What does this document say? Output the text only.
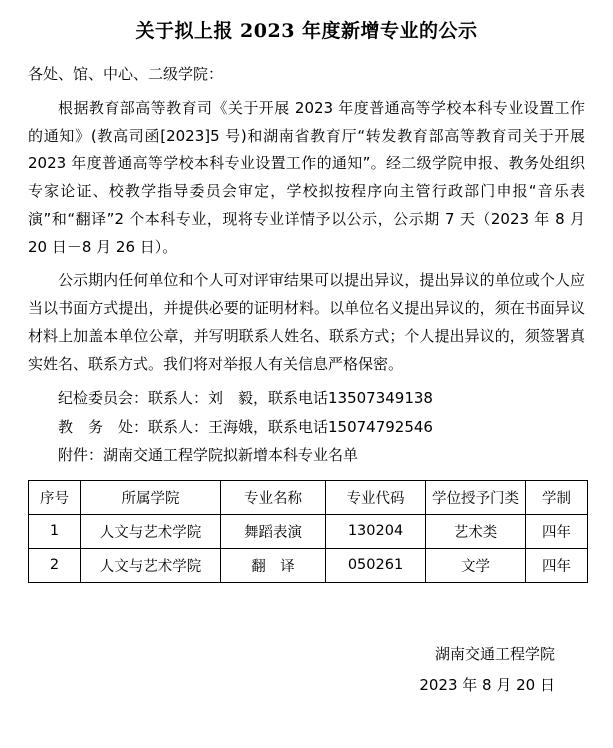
关于拟上报 2023 年度新增专业的公示
各处、馆、中心、二级学院：

根据教育部高等教育司《关于开展 2023 年度普通高等学校本科专业设置工作的通知》(教高司函[2023]5 号)和湖南省教育厅“转发教育部高等教育司关于开展 2023 年度普通高等学校本科专业设置工作的通知”。经二级学院申报、教务处组织专家论证、校教学指导委员会审定，学校拟按程序向主管行政部门申报“音乐表演”和“翻译”2 个本科专业，现将专业详情予以公示，公示期 7 天（2023 年 8 月 20 日－8 月 26 日）。

公示期内任何单位和个人可对评审结果可以提出异议，提出异议的单位或个人应当以书面方式提出，并提供必要的证明材料。以单位名义提出异议的，须在书面异议材料上加盖本单位公章，并写明联系人姓名、联系方式；个人提出异议的，须签署真实姓名、联系方式。我们将对举报人有关信息严格保密。

纪检委员会：联系人：刘　毅，联系电话13507349138

教　务　处：联系人：王海娥，联系电话15074792546

附件：湖南交通工程学院拟新增本科专业名单

序号	所属学院	专业名称	专业代码	学位授予门类	学制
1	人文与艺术学院	舞蹈表演	130204	艺术类	四年
2	人文与艺术学院	翻　译	050261	文学	四年
湖南交通工程学院
2023 年 8 月 20 日
